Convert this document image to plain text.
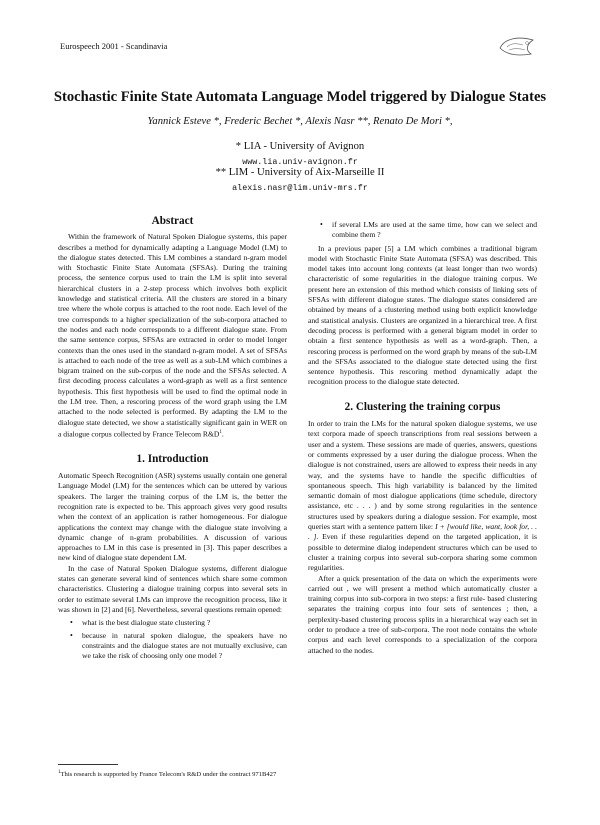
Eurospeech 2001 - Scandinavia
Stochastic Finite State Automata Language Model triggered by Dialogue States
Yannick Esteve *, Frederic Bechet *, Alexis Nasr **, Renato De Mori *,
* LIA - University of Avignon
www.lia.univ-avignon.fr
** LIM - University of Aix-Marseille II
alexis.nasr@lim.univ-mrs.fr
Abstract

Within the framework of Natural Spoken Dialogue systems, this paper describes a method for dynamically adapting a Language Model (LM) to the dialogue states detected. This LM combines a standard n-gram model with Stochastic Finite State Automata (SFSAs). During the training process, the sentence corpus used to train the LM is split into several hierarchical clusters in a 2-step process which involves both explicit knowledge and statistical criteria. All the clusters are stored in a binary tree where the whole corpus is attached to the root node. Each level of the tree corresponds to a higher specialization of the sub-corpora attached to the nodes and each node corresponds to a different dialogue state. From the same sentence corpus, SFSAs are extracted in order to model longer contexts than the ones used in the standard n-gram model. A set of SFSAs is attached to each node of the tree as well as a sub-LM which combines a bigram trained on the sub-corpus of the node and the SFSAs selected. A first decoding process calculates a word-graph as well as a first sentence hypothesis. This first hypothesis will be used to find the optimal node in the LM tree. Then, a rescoring process of the word graph using the LM attached to the node selected is performed. By adapting the LM to the dialogue state detected, we show a statistically significant gain in WER on a dialogue corpus collected by France Telecom $R\&D^1$.

1. Introduction

Automatic Speech Recognition (ASR) systems usually contain one general Language Model (LM) for the sentences which can be uttered by various speakers. The larger the training corpus of the LM is, the better the recognition rate is expected to be. This approach gives very good results when the context of an application is rather homogeneous. For dialogue applications the context may change with the dialogue state involving a dynamic change of n-gram probabilities. A discussion of various approaches to LM in this case is presented in [3]. This paper describes a new kind of dialogue state dependent LM.

In the case of Natural Spoken Dialogue systems, different dialogue states can generate several kind of sentences which share some common characteristics. Clustering a dialogue training corpus into several sets in order to estimate several LMs can improve the recognition process, like it was shown in [2] and [6]. Nevertheless, several questions remain opened:

• what is the best dialogue state clustering ?
• because in natural spoken dialogue, the speakers have no constraints and the dialogue states are not mutually exclusive, can we take the risk of choosing only one model ?
$^1$This research is supported by France Telecom's R&D under the contract 971B427
• if several LMs are used at the same time, how can we select and combine them ?

In a previous paper [5] a LM which combines a traditional bigram model with Stochastic Finite State Automata (SFSA) was described. This model takes into account long contexts (at least longer than two words) characteristic of some regularities in the dialogue training corpus. We present here an extension of this method which consists of linking sets of SFSAs with different dialogue states. The dialogue states considered are obtained by means of a clustering method using both explicit knowledge and statistical analysis. Clusters are organized in a hierarchical tree. A first decoding process is performed with a general bigram model in order to obtain a first sentence hypothesis as well as a word-graph. Then, a rescoring process is performed on the word graph by means of the sub-LM and the SFSAs associated to the dialogue state detected using the first sentence hypothesis. This rescoring method dynamically adapt the recognition process to the dialogue state detected.

2. Clustering the training corpus

In order to train the LMs for the natural spoken dialogue systems, we use text corpora made of speech transcriptions from real sessions between a user and a system. These sessions are made of queries, answers, questions or comments expressed by a user during the dialogue process. When the dialogue is not constrained, users are allowed to express their needs in any way, and the systems have to handle the specific difficulties of spontaneous speech. This high variability is balanced by the limited semantic domain of most dialogue applications (time schedule, directory assistance, etc . . . ) and by some strong regularities in the sentence structures used by speakers during a dialogue session. For example, most queries start with a sentence pattern like: I + [would like, want, look for, . . . ]. Even if these regularities depend on the targeted application, it is possible to determine dialog independent structures which can be used to cluster a training corpus into several sub-corpora sharing some common regularities.

After a quick presentation of the data on which the experiments were carried out , we will present a method which automatically cluster a training corpus into sub-corpora in two steps: a first rule- based clustering separates the training corpus into four sets of sentences ; then, a perplexity-based clustering process splits in a hierarchical way each set in order to produce a tree of sub-corpora. The root node contains the whole corpus and each level corresponds to a specialization of the corpora attached to the nodes.
